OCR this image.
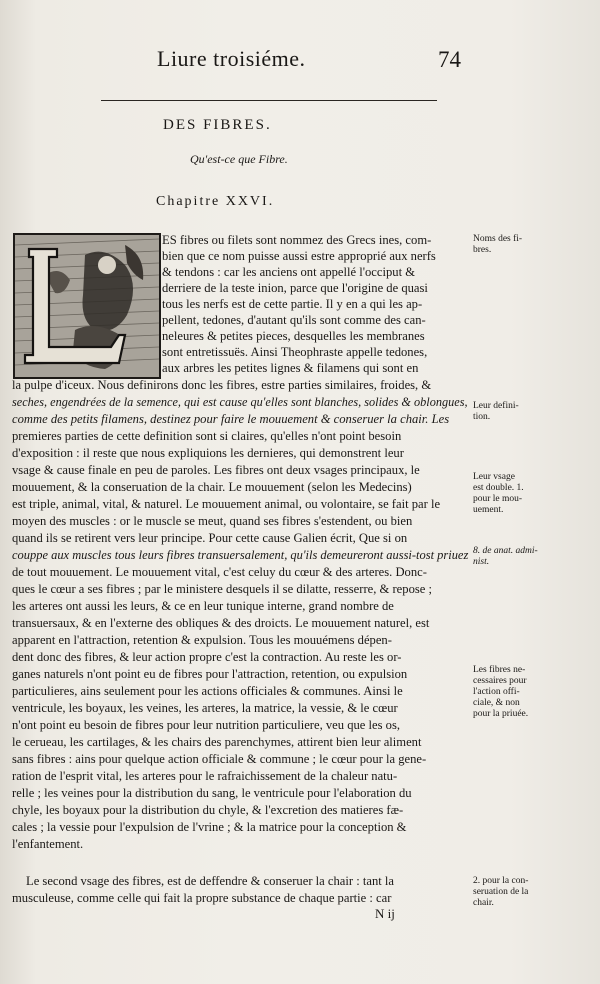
Liure troisiéme.	74
DES FIBRES.
Qu'est-ce que Fibre.
Chapitre XXVI.
ES fibres ou filets sont nommez des Grecs ines, com-
bien que ce nom puisse aussi estre approprié aux nerfs
& tendons : car les anciens ont appellé l'occiput &
derriere de la teste inion, parce que l'origine de quasi
tous les nerfs est de cette partie. Il y en a qui les ap-
pellent, tedones, d'autant qu'ils sont comme des can-
neleures & petites pieces, desquelles les membranes
sont entretissuës. Ainsi Theophraste appelle tedones,
aux arbres les petites lignes & filamens qui sont en
la pulpe d'iceux. Nous definirons donc les fibres, estre parties similaires, froides, &
seches, engendrées de la semence, qui est cause qu'elles sont blanches, solides & oblongues,
comme des petits filamens, destinez pour faire le mouuement & conseruer la chair. Les
premieres parties de cette definition sont si claires, qu'elles n'ont point besoin
d'exposition : il reste que nous expliquions les dernieres, qui demonstrent leur
vsage & cause finale en peu de paroles. Les fibres ont deux vsages principaux, le
mouuement, & la conseruation de la chair. Le mouuement (selon les Medecins)
est triple, animal, vital, & naturel. Le mouuement animal, ou volontaire, se fait par le
moyen des muscles : or le muscle se meut, quand ses fibres s'estendent, ou bien
quand ils se retirent vers leur principe. Pour cette cause Galien écrit, Que si on
couppe aux muscles tous leurs fibres transuersalement, qu'ils demeureront aussi-tost priuez
de tout mouuement. Le mouuement vital, c'est celuy du cœur & des arteres. Donc-
ques le cœur a ses fibres ; par le ministere desquels il se dilatte, resserre, & repose ;
les arteres ont aussi les leurs, & ce en leur tunique interne, grand nombre de
transuersaux, & en l'externe des obliques & des droicts. Le mouuement naturel, est
apparent en l'attraction, retention & expulsion. Tous les mouuémens dépen-
dent donc des fibres, & leur action propre c'est la contraction. Au reste les or-
ganes naturels n'ont point eu de fibres pour l'attraction, retention, ou expulsion
particulieres, ains seulement pour les actions officiales & communes. Ainsi le
ventricule, les boyaux, les veines, les arteres, la matrice, la vessie, & le cœur
n'ont point eu besoin de fibres pour leur nutrition particuliere, veu que les os,
le cerueau, les cartilages, & les chairs des parenchymes, attirent bien leur aliment
sans fibres : ains pour quelque action officiale & commune ; le cœur pour la gene-
ration de l'esprit vital, les arteres pour le rafraichissement de la chaleur natu-
relle ; les veines pour la distribution du sang, le ventricule pour l'elaboration du
chyle, les boyaux pour la distribution du chyle, & l'excretion des matieres fæ-
cales ; la vessie pour l'expulsion de l'vrine ; & la matrice pour la conception &
l'enfantement.
Le second vsage des fibres, est de deffendre & conseruer la chair : tant la
musculeuse, comme celle qui fait la propre substance de chaque partie : car
Noms des fi-
bres.
Leur defini-
tion.
Leur vsage
est double. 1.
pour le mou-
uement.
8. de anat. admi-
nist.
Les fibres ne-
cessaires pour
l'action offi-
ciale, & non
pour la priuée.
2. pour la con-
seruation de la
chair.
N ij
